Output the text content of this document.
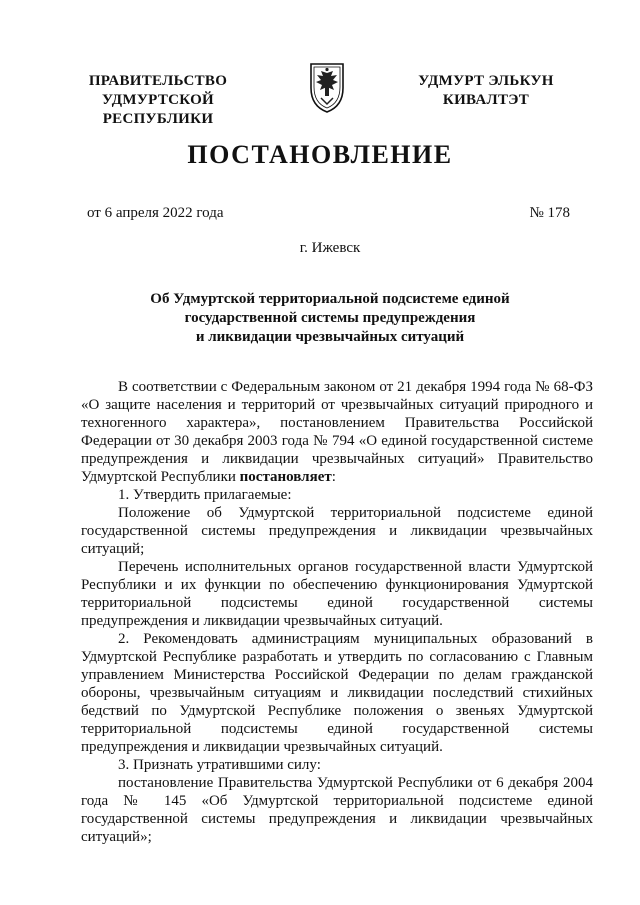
ПРАВИТЕЛЬСТВО
УДМУРТСКОЙ РЕСПУБЛИКИ
УДМУРТ ЭЛЬКУН
КИВАЛТЭТ
ПОСТАНОВЛЕНИЕ
от 6 апреля 2022 года	№ 178
г. Ижевск
Об Удмуртской территориальной подсистеме единой
государственной системы предупреждения
и ликвидации чрезвычайных ситуаций

В соответствии с Федеральным законом от 21 декабря 1994 года № 68-ФЗ «О защите населения и территорий от чрезвычайных ситуаций природного и техногенного характера», постановлением Правительства Российской Федерации от 30 декабря 2003 года № 794 «О единой государственной системе предупреждения и ликвидации чрезвычайных ситуаций» Правительство Удмуртской Республики постановляет:

1. Утвердить прилагаемые:

Положение об Удмуртской территориальной подсистеме единой государственной системы предупреждения и ликвидации чрезвычайных ситуаций;

Перечень исполнительных органов государственной власти Удмуртской Республики и их функции по обеспечению функционирования Удмуртской территориальной подсистемы единой государственной системы предупреждения и ликвидации чрезвычайных ситуаций.

2. Рекомендовать администрациям муниципальных образований в Удмуртской Республике разработать и утвердить по согласованию с Главным управлением Министерства Российской Федерации по делам гражданской обороны, чрезвычайным ситуациям и ликвидации последствий стихийных бедствий по Удмуртской Республике положения о звеньях Удмуртской территориальной подсистемы единой государственной системы предупреждения и ликвидации чрезвычайных ситуаций.

3. Признать утратившими силу:

постановление Правительства Удмуртской Республики от 6 декабря 2004 года № 145 «Об Удмуртской территориальной подсистеме единой государственной системы предупреждения и ликвидации чрезвычайных ситуаций»;
